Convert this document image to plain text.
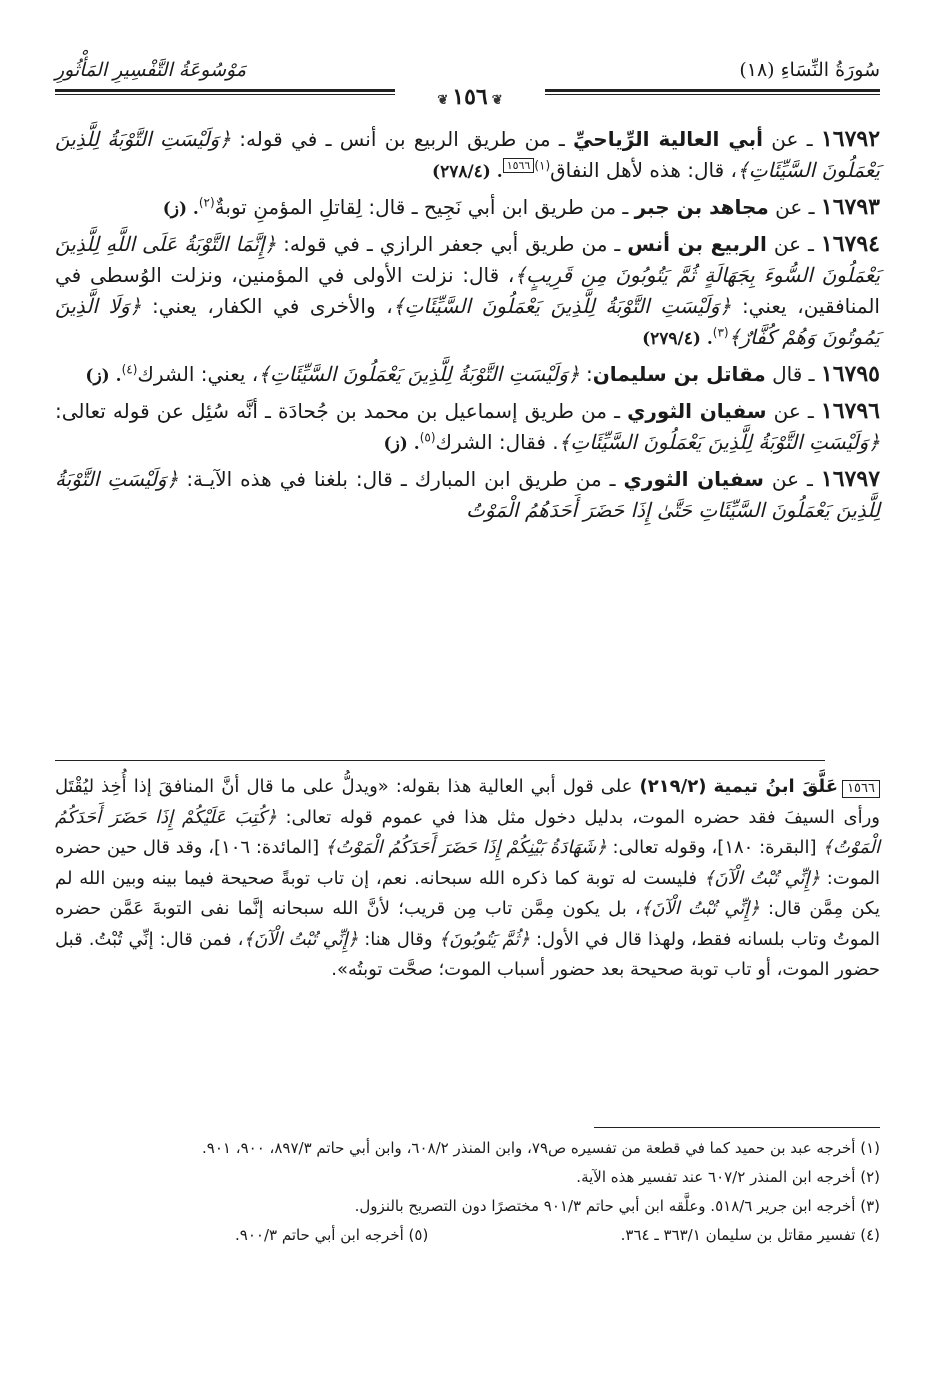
سُورَةُ النِّسَاءِ (١٨)
مَوْسُوعَةُ التَّفْسِيرِ المَأْثُورِ
❦١٥٦❦

١٦٧٩٢ ـ عن أبي العالية الرِّياحيِّ ـ من طريق الربيع بن أنس ـ في قوله: ﴿وَلَيْسَتِ التَّوْبَةُ لِلَّذِينَ يَعْمَلُونَ السَّيِّئَاتِ﴾، قال: هذه لأهل النفاق$^{(١)}$١٥٦٦. (٢٧٨/٤)

١٦٧٩٣ ـ عن مجاهد بن جبر ـ من طريق ابن أبي نَجِيح ـ قال: لِقاتلِ المؤمنِ توبةٌ$^{(٢)}$. (ز)

١٦٧٩٤ ـ عن الربيع بن أنس ـ من طريق أبي جعفر الرازي ـ في قوله: ﴿إِنَّمَا التَّوْبَةُ عَلَى اللَّهِ لِلَّذِينَ يَعْمَلُونَ السُّوءَ بِجَهَالَةٍ ثُمَّ يَتُوبُونَ مِن قَرِيبٍ﴾، قال: نزلت الأولى في المؤمنين، ونزلت الوُسطى في المنافقين، يعني: ﴿وَلَيْسَتِ التَّوْبَةُ لِلَّذِينَ يَعْمَلُونَ السَّيِّئَاتِ﴾، والأخرى في الكفار، يعني: ﴿وَلَا الَّذِينَ يَمُوتُونَ وَهُمْ كُفَّارٌ﴾$^{(٣)}$. (٢٧٩/٤)

١٦٧٩٥ ـ قال مقاتل بن سليمان: ﴿وَلَيْسَتِ التَّوْبَةُ لِلَّذِينَ يَعْمَلُونَ السَّيِّئَاتِ﴾، يعني: الشرك$^{(٤)}$. (ز)

١٦٧٩٦ ـ عن سفيان الثوري ـ من طريق إسماعيل بن محمد بن جُحادَة ـ أنَّه سُئِل عن قوله تعالى: ﴿وَلَيْسَتِ التَّوْبَةُ لِلَّذِينَ يَعْمَلُونَ السَّيِّئَاتِ﴾. فقال: الشرك$^{(٥)}$. (ز)

١٦٧٩٧ ـ عن سفيان الثوري ـ من طريق ابن المبارك ـ قال: بلغنا في هذه الآيـة: ﴿وَلَيْسَتِ التَّوْبَةُ لِلَّذِينَ يَعْمَلُونَ السَّيِّئَاتِ حَتَّىٰ إِذَا حَضَرَ أَحَدَهُمُ الْمَوْتُ

١٥٦٦عَلَّقَ ابنُ تيمية (٢١٩/٢) على قول أبي العالية هذا بقوله: «ويدلُّ على ما قال أنَّ المنافقَ إذا أُخِذ ليُقْتَل ورأى السيفَ فقد حضره الموت، بدليل دخول مثل هذا في عموم قوله تعالى: ﴿كُتِبَ عَلَيْكُمْ إِذَا حَضَرَ أَحَدَكُمُ الْمَوْتُ﴾ [البقرة: ١٨٠]، وقوله تعالى: ﴿شَهَادَةُ بَيْنِكُمْ إِذَا حَضَرَ أَحَدَكُمُ الْمَوْتُ﴾ [المائدة: ١٠٦]، وقد قال حين حضره الموت: ﴿إِنِّي تُبْتُ الْآنَ﴾ فليست له توبة كما ذكره الله سبحانه. نعم، إن تاب توبةً صحيحة فيما بينه وبين الله لم يكن مِمَّن قال: ﴿إِنِّي تُبْتُ الْآنَ﴾، بل يكون مِمَّن تاب مِن قريب؛ لأنَّ الله سبحانه إنَّما نفى التوبةَ عَمَّن حضره الموتُ وتاب بلسانه فقط، ولهذا قال في الأول: ﴿ثُمَّ يَتُوبُونَ﴾ وقال هنا: ﴿إِنِّي تُبْتُ الْآنَ﴾، فمن قال: إنِّي تُبْتُ. قبل حضور الموت، أو تاب توبة صحيحة بعد حضور أسباب الموت؛ صحَّت توبتُه».

(١) أخرجه عبد بن حميد كما في قطعة من تفسيره ص٧٩، وابن المنذر ٦٠٨/٢، وابن أبي حاتم ٨٩٧/٣، ٩٠٠، ٩٠١.

(٢) أخرجه ابن المنذر ٦٠٧/٢ عند تفسير هذه الآية.

(٣) أخرجه ابن جرير ٥١٨/٦. وعلَّقه ابن أبي حاتم ٩٠١/٣ مختصرًا دون التصريح بالنزول.

(٤) تفسير مقاتل بن سليمان ٣٦٣/١ ـ ٣٦٤.
(٥) أخرجه ابن أبي حاتم ٩٠٠/٣.
